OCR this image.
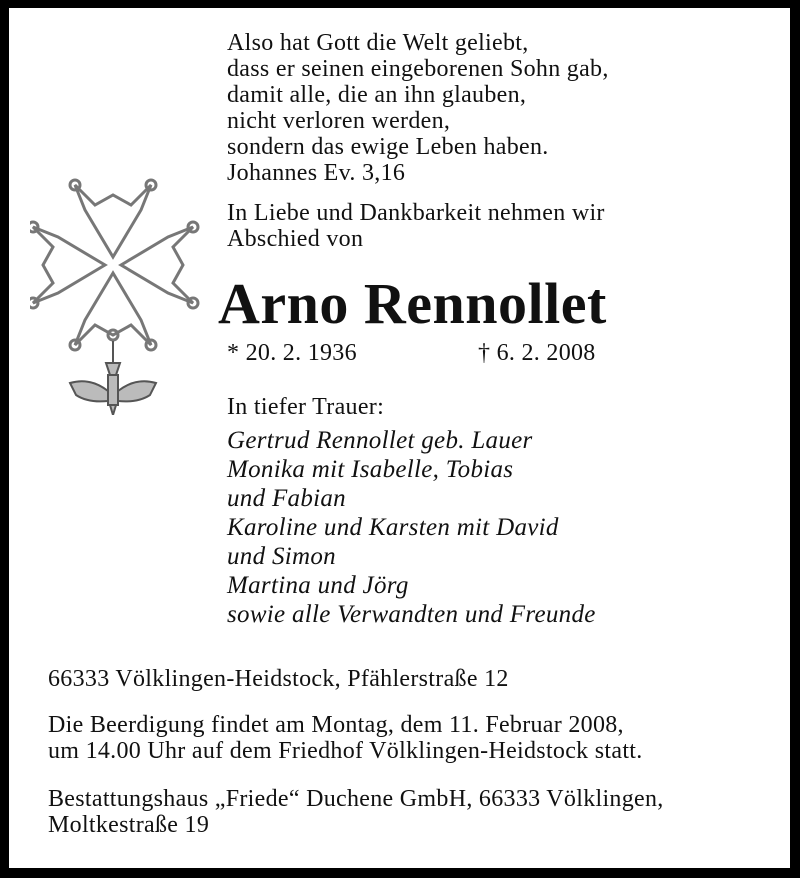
Also hat Gott die Welt geliebt,
dass er seinen eingeborenen Sohn gab,
damit alle, die an ihn glauben,
nicht verloren werden,
sondern das ewige Leben haben.
Johannes Ev. 3,16
In Liebe und Dankbarkeit nehmen wir
Abschied von
Arno Rennollet
* 20. 2. 1936	† 6. 2. 2008
In tiefer Trauer:
Gertrud Rennollet geb. Lauer
Monika mit Isabelle, Tobias
und Fabian
Karoline und Karsten mit David
und Simon
Martina und Jörg
sowie alle Verwandten und Freunde
66333 Völklingen-Heidstock, Pfählerstraße 12
Die Beerdigung findet am Montag, dem 11. Februar 2008,
um 14.00 Uhr auf dem Friedhof Völklingen-Heidstock statt.
Bestattungshaus „Friede“ Duchene GmbH, 66333 Völklingen,
Moltkestraße 19
